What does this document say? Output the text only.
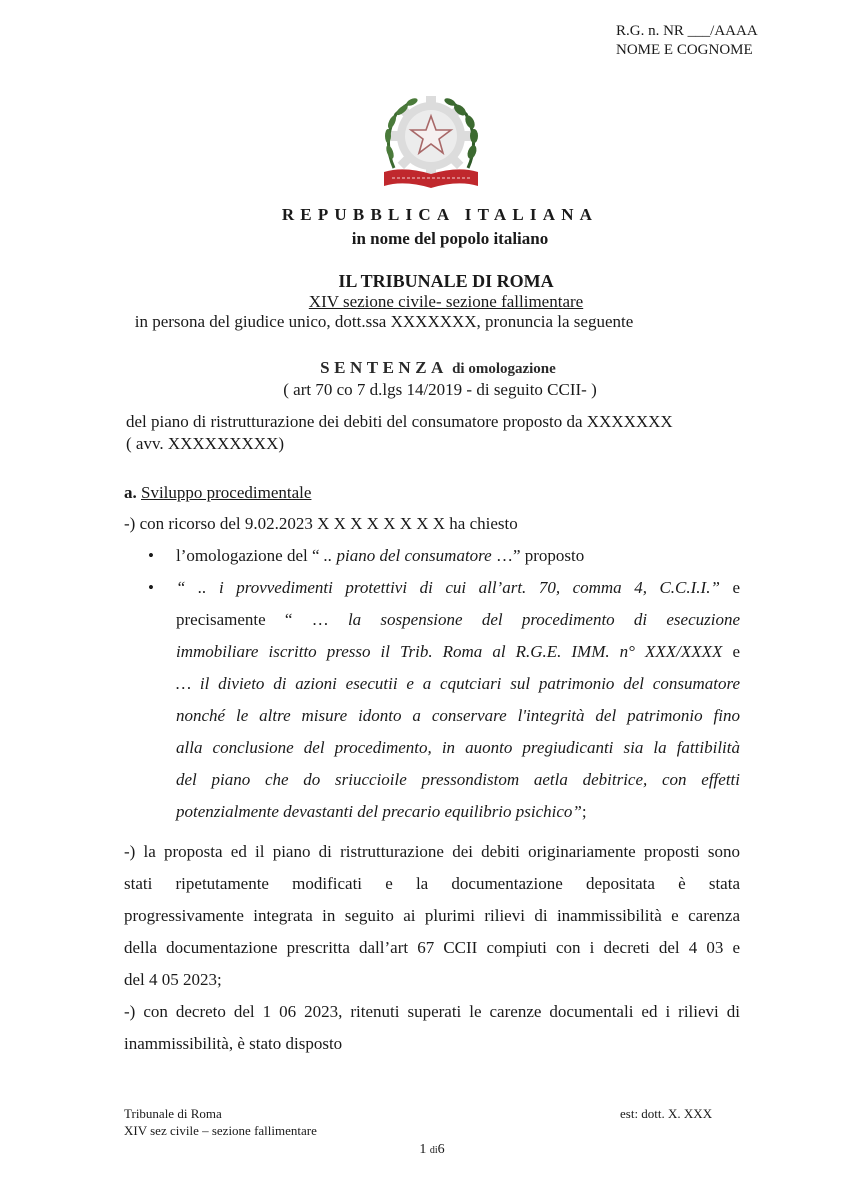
R.G. n. NR ___/AAAA
NOME E COGNOME
REPUBBLICA ITALIANA
in nome del popolo italiano
IL TRIBUNALE DI ROMA
XIV sezione civile- sezione fallimentare
in persona del giudice unico, dott.ssa XXXXXXX, pronuncia la seguente
SENTENZA di omologazione
( art 70 co 7 d.lgs 14/2019 - di seguito CCII- )
del piano di ristrutturazione dei debiti del consumatore proposto da XXXXXXX
( avv. XXXXXXXXX)
a. Sviluppo procedimentale
-) con ricorso del 9.02.2023 X X X X X X X X ha chiesto
• l’omologazione del “ .. piano del consumatore …” proposto
• “ .. i provvedimenti protettivi di cui all’art. 70, comma 4, C.C.I.I.” e
precisamente “ … la sospensione del procedimento di esecuzione
immobiliare iscritto presso il Trib. Roma al R.G.E. IMM. n° XXX/XXXX e
… il divieto di azioni esecutii e a cqutciari sul patrimonio del consumatore
nonché le altre misure idonto a conservare l'integrità del patrimonio fino
alla conclusione del procedimento, in auonto pregiudicanti sia la fattibilità
del piano che do sriuccioile pressondistom aetla debitrice, con effetti
potenzialmente devastanti del precario equilibrio psichico”;
-) la proposta ed il piano di ristrutturazione dei debiti originariamente proposti sono
stati ripetutamente modificati e la documentazione depositata è stata
progressivamente integrata in seguito ai plurimi rilievi di inammissibilità e carenza
della documentazione prescritta dall’art 67 CCII compiuti con i decreti del 4 03 e
del 4 05 2023;
-) con decreto del 1 06 2023, ritenuti superati le carenze documentali ed i rilievi di
inammissibilità, è stato disposto
Tribunale di Roma
XIV sez civile – sezione fallimentare
est: dott. X. XXX
1 di6
